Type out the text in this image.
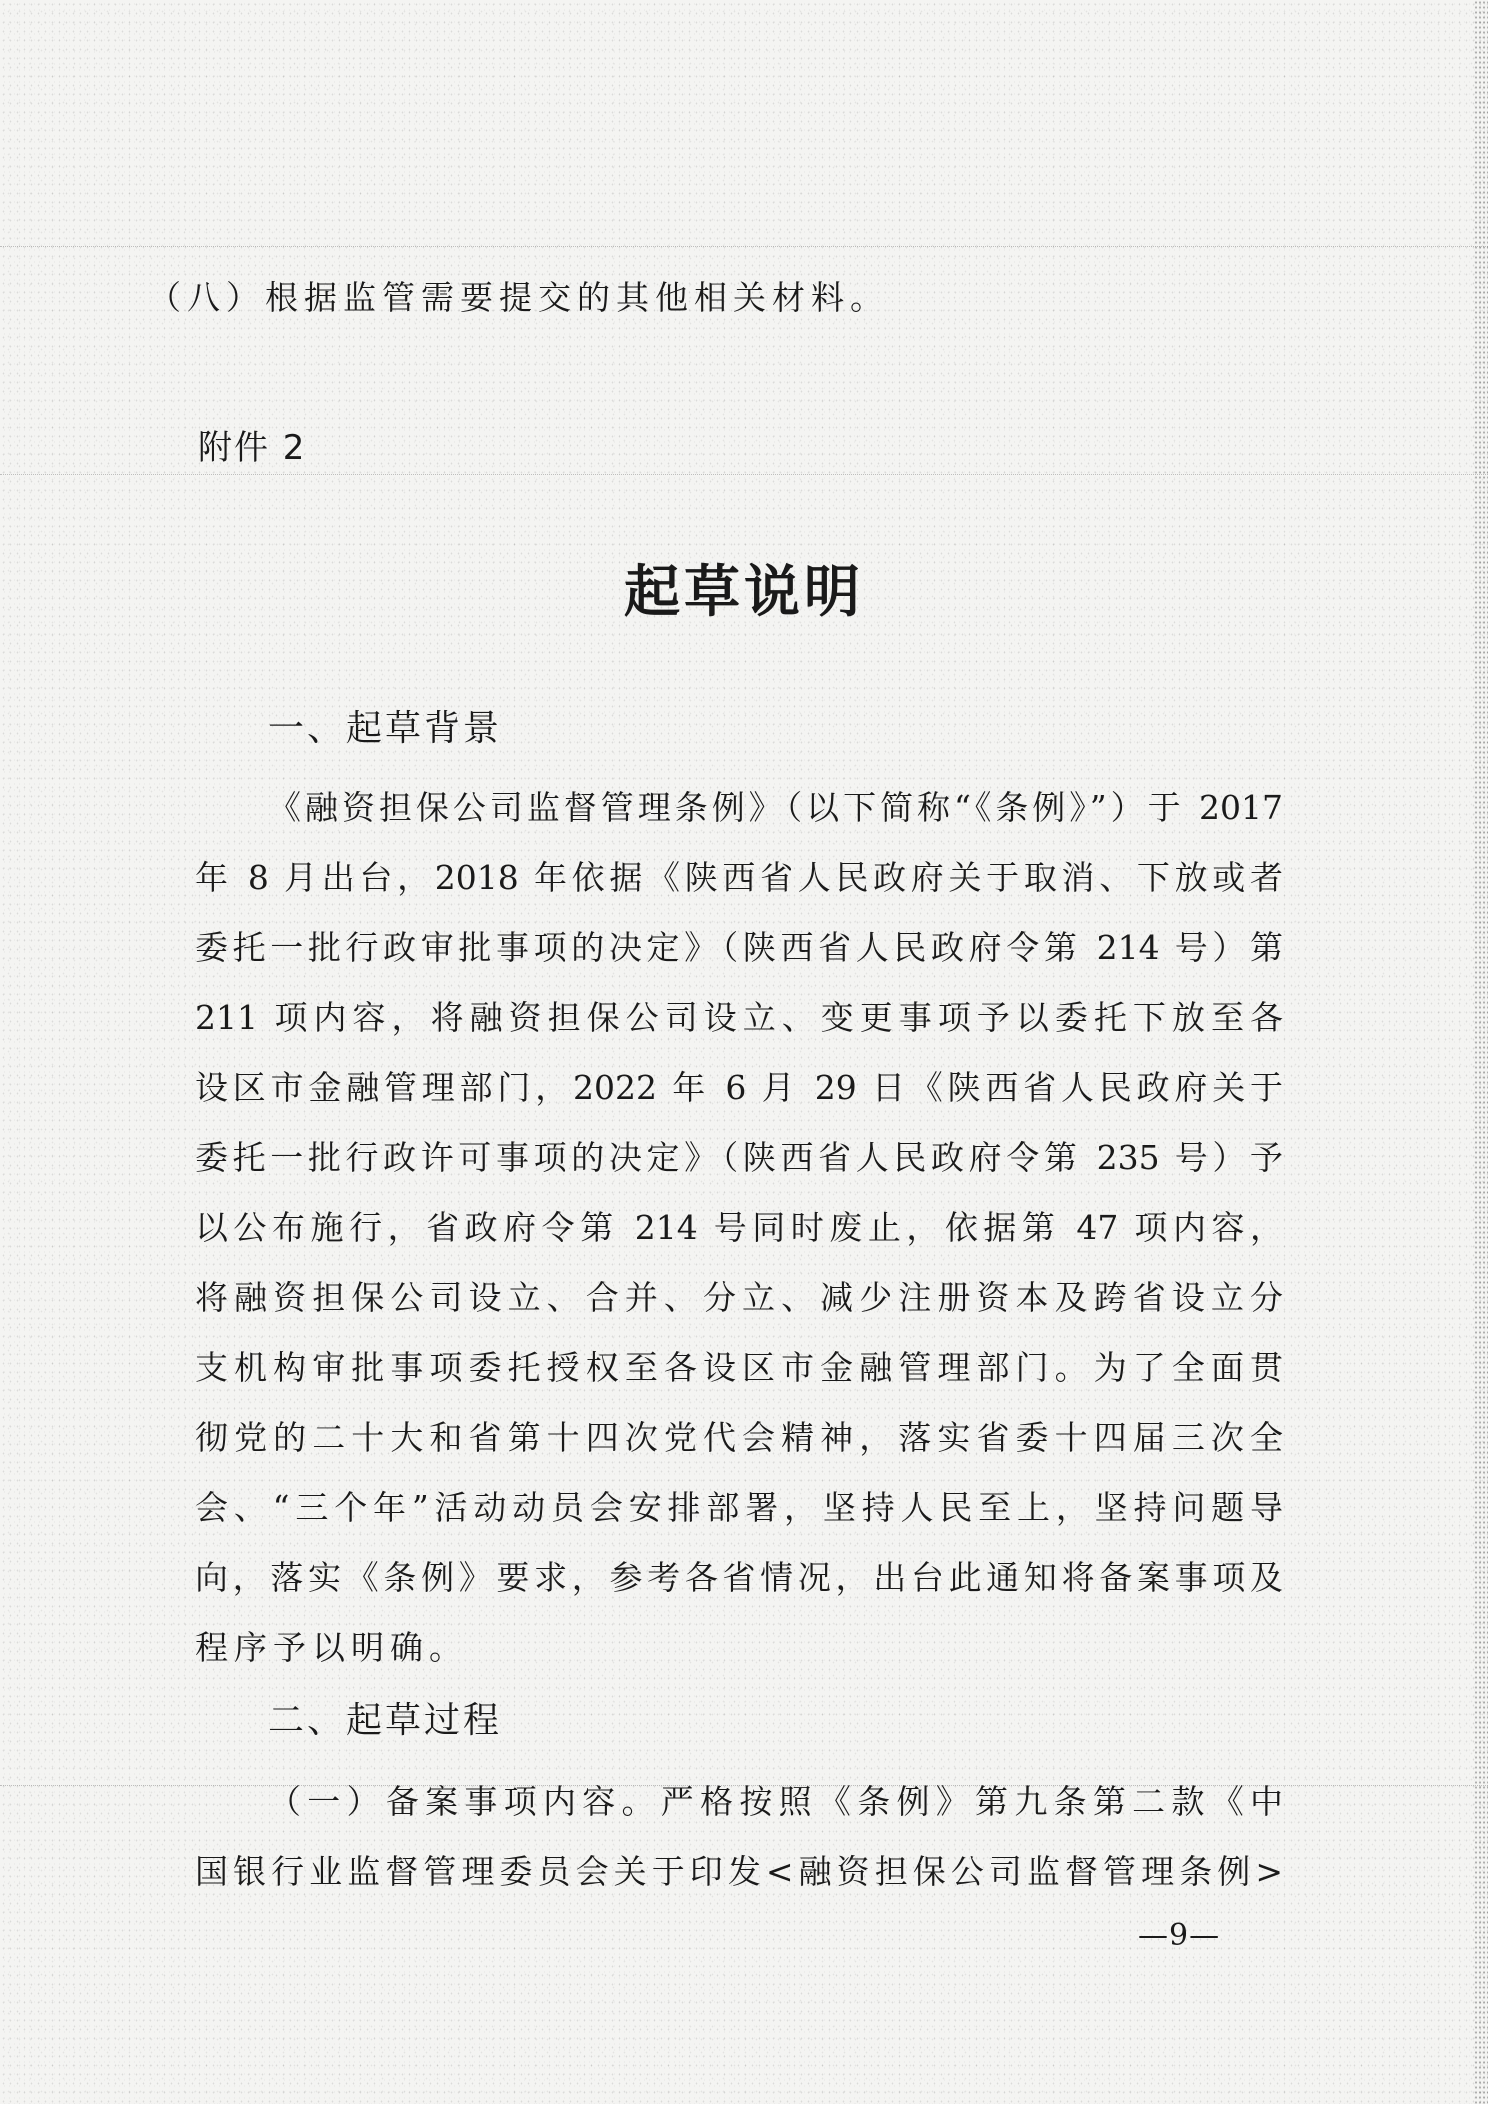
（八）根据监管需要提交的其他相关材料。
附件 2
起草说明
一、起草背景
《融资担保公司监督管理条例》（以下简称“《条例》”）于 2017
年 8 月出台，2018 年依据《陕西省人民政府关于取消、下放或者
委托一批行政审批事项的决定》（陕西省人民政府令第 214 号）第
211 项内容，将融资担保公司设立、变更事项予以委托下放至各
设区市金融管理部门，2022 年 6 月 29 日《陕西省人民政府关于
委托一批行政许可事项的决定》（陕西省人民政府令第 235 号）予
以公布施行，省政府令第 214 号同时废止，依据第 47 项内容，
将融资担保公司设立、合并、分立、减少注册资本及跨省设立分
支机构审批事项委托授权至各设区市金融管理部门。为了全面贯
彻党的二十大和省第十四次党代会精神，落实省委十四届三次全
会、“三个年”活动动员会安排部署，坚持人民至上，坚持问题导
向，落实《条例》要求，参考各省情况，出台此通知将备案事项及
程序予以明确。
二、起草过程
（一）备案事项内容。严格按照《条例》第九条第二款《中
国银行业监督管理委员会关于印发<融资担保公司监督管理条例>
—9—
